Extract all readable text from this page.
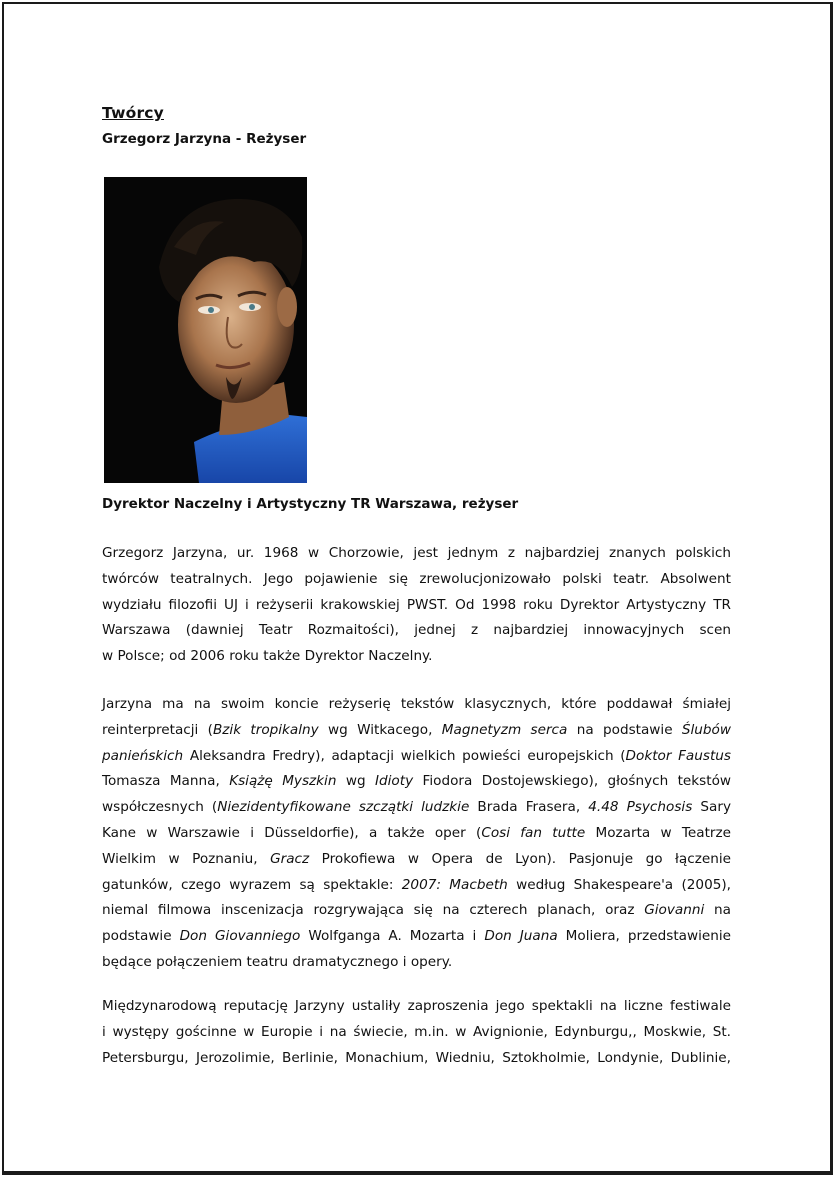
Twórcy
Grzegorz Jarzyna - Reżyser
Dyrektor Naczelny i Artystyczny TR Warszawa, reżyser
Grzegorz Jarzyna, ur. 1968 w Chorzowie, jest jednym z najbardziej znanych polskich
twórców teatralnych. Jego pojawienie się zrewolucjonizowało polski teatr. Absolwent
wydziału filozofii UJ i reżyserii krakowskiej PWST. Od 1998 roku Dyrektor Artystyczny TR
Warszawa (dawniej Teatr Rozmaitości), jednej z najbardziej innowacyjnych scen
w Polsce; od 2006 roku także Dyrektor Naczelny.
Jarzyna ma na swoim koncie reżyserię tekstów klasycznych, które poddawał śmiałej
reinterpretacji (Bzik tropikalny wg Witkacego, Magnetyzm serca na podstawie Ślubów
panieńskich Aleksandra Fredry), adaptacji wielkich powieści europejskich (Doktor Faustus
Tomasza Manna, Książę Myszkin wg Idioty Fiodora Dostojewskiego), głośnych tekstów
współczesnych (Niezidentyfikowane szczątki ludzkie Brada Frasera, 4.48 Psychosis Sary
Kane w Warszawie i Düsseldorfie), a także oper (Cosi fan tutte Mozarta w Teatrze
Wielkim w Poznaniu, Gracz Prokofiewa w Opera de Lyon). Pasjonuje go łączenie
gatunków, czego wyrazem są spektakle: 2007: Macbeth według Shakespeare'a (2005),
niemal filmowa inscenizacja rozgrywająca się na czterech planach, oraz Giovanni na
podstawie Don Giovanniego Wolfganga A. Mozarta i Don Juana Moliera, przedstawienie
będące połączeniem teatru dramatycznego i opery.
Międzynarodową reputację Jarzyny ustaliły zaproszenia jego spektakli na liczne festiwale
i występy gościnne w Europie i na świecie, m.in. w Avignionie, Edynburgu,, Moskwie, St.
Petersburgu, Jerozolimie, Berlinie, Monachium, Wiedniu, Sztokholmie, Londynie, Dublinie,
